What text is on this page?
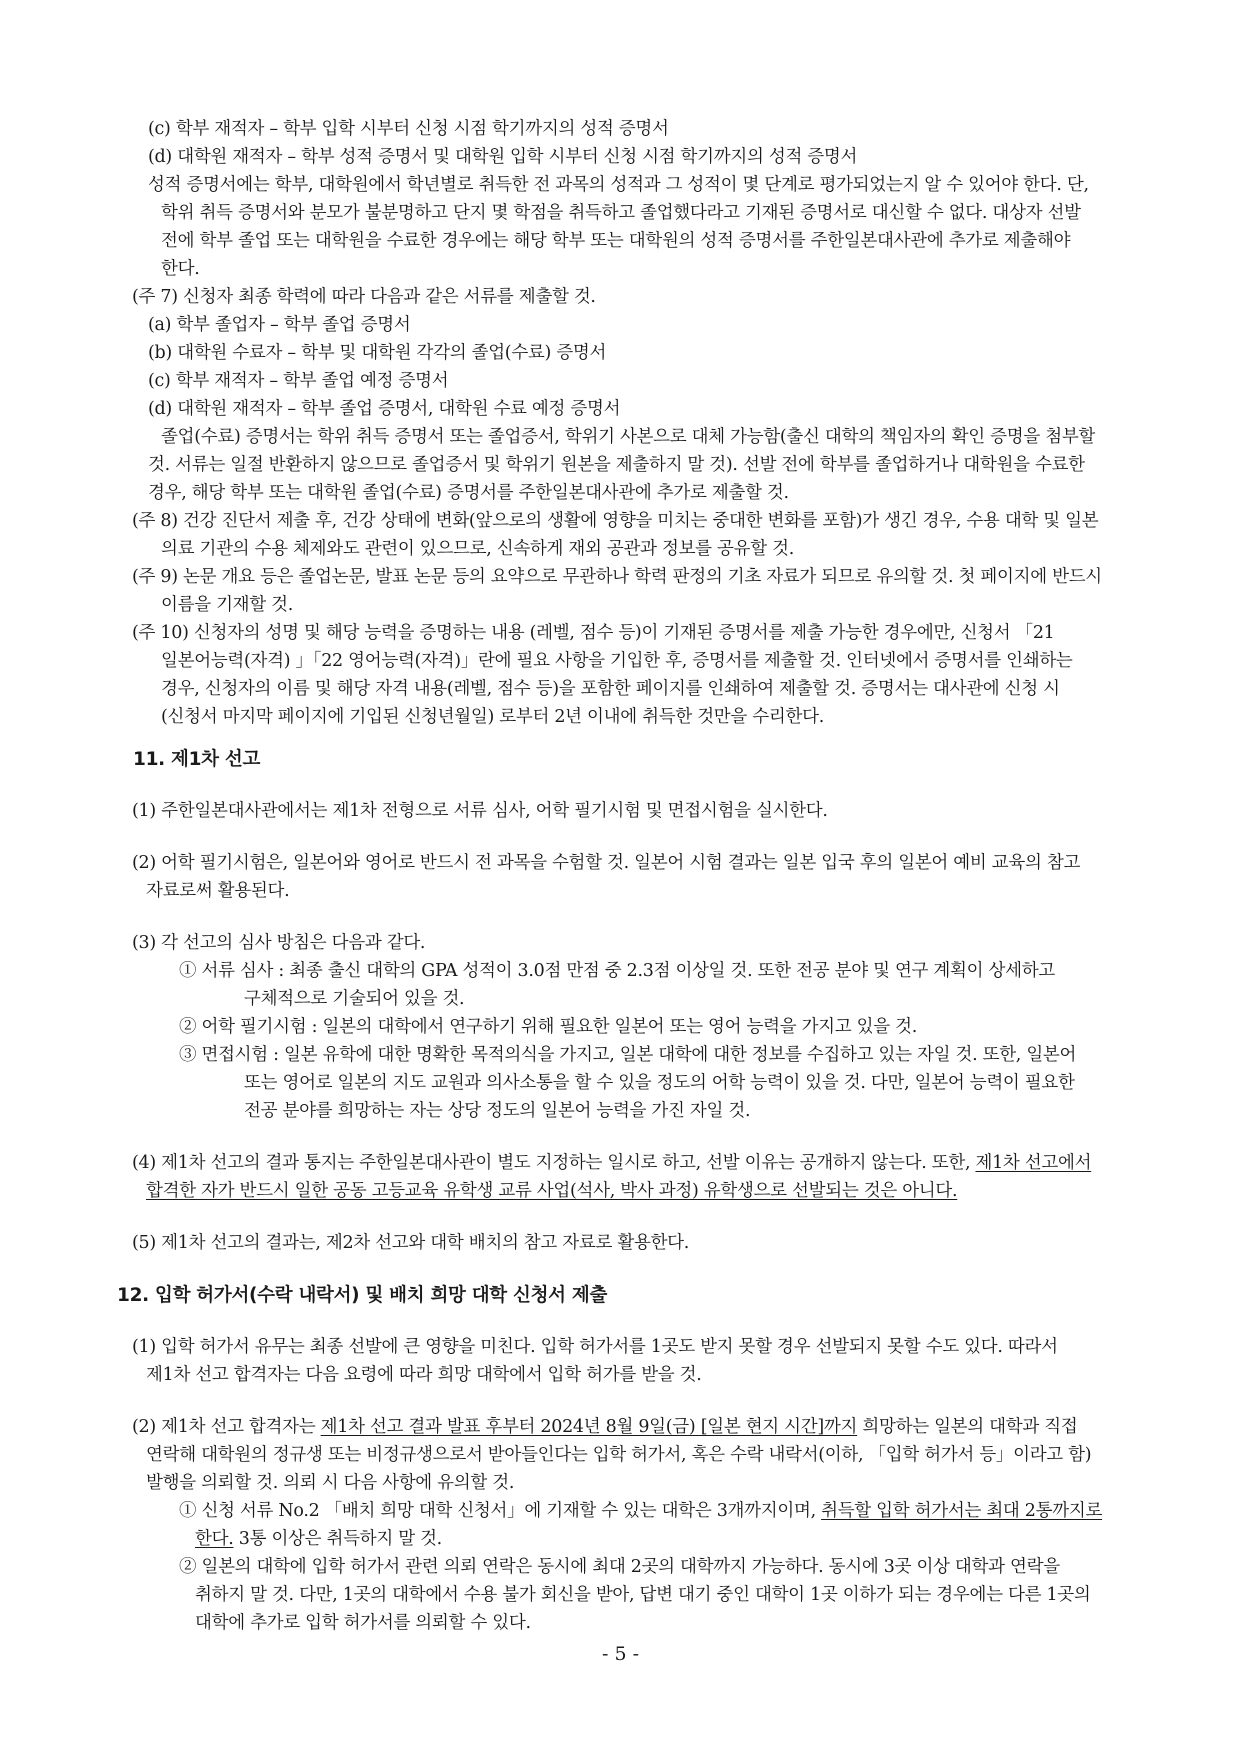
(c) 학부 재적자 – 학부 입학 시부터 신청 시점 학기까지의 성적 증명서
(d) 대학원 재적자 – 학부 성적 증명서 및 대학원 입학 시부터 신청 시점 학기까지의 성적 증명서
성적 증명서에는 학부, 대학원에서 학년별로 취득한 전 과목의 성적과 그 성적이 몇 단계로 평가되었는지 알 수 있어야 한다. 단,
학위 취득 증명서와 분모가 불분명하고 단지 몇 학점을 취득하고 졸업했다라고 기재된 증명서로 대신할 수 없다. 대상자 선발
전에 학부 졸업 또는 대학원을 수료한 경우에는 해당 학부 또는 대학원의 성적 증명서를 주한일본대사관에 추가로 제출해야
한다.
(주 7) 신청자 최종 학력에 따라 다음과 같은 서류를 제출할 것.
(a) 학부 졸업자 – 학부 졸업 증명서
(b) 대학원 수료자 – 학부 및 대학원 각각의 졸업(수료) 증명서
(c) 학부 재적자 – 학부 졸업 예정 증명서
(d) 대학원 재적자 – 학부 졸업 증명서, 대학원 수료 예정 증명서
졸업(수료) 증명서는 학위 취득 증명서 또는 졸업증서, 학위기 사본으로 대체 가능함(출신 대학의 책임자의 확인 증명을 첨부할
것. 서류는 일절 반환하지 않으므로 졸업증서 및 학위기 원본을 제출하지 말 것). 선발 전에 학부를 졸업하거나 대학원을 수료한
경우, 해당 학부 또는 대학원 졸업(수료) 증명서를 주한일본대사관에 추가로 제출할 것.
(주 8) 건강 진단서 제출 후, 건강 상태에 변화(앞으로의 생활에 영향을 미치는 중대한 변화를 포함)가 생긴 경우, 수용 대학 및 일본
의료 기관의 수용 체제와도 관련이 있으므로, 신속하게 재외 공관과 정보를 공유할 것.
(주 9) 논문 개요 등은 졸업논문, 발표 논문 등의 요약으로 무관하나 학력 판정의 기초 자료가 되므로 유의할 것. 첫 페이지에 반드시
이름을 기재할 것.
(주 10) 신청자의 성명 및 해당 능력을 증명하는 내용 (레벨, 점수 등)이 기재된 증명서를 제출 가능한 경우에만, 신청서 「21
일본어능력(자격) 」「22 영어능력(자격)」란에 필요 사항을 기입한 후, 증명서를 제출할 것. 인터넷에서 증명서를 인쇄하는
경우, 신청자의 이름 및 해당 자격 내용(레벨, 점수 등)을 포함한 페이지를 인쇄하여 제출할 것. 증명서는 대사관에 신청 시
(신청서 마지막 페이지에 기입된 신청년월일) 로부터 2년 이내에 취득한 것만을 수리한다.
11. 제1차 선고
(1) 주한일본대사관에서는 제1차 전형으로 서류 심사, 어학 필기시험 및 면접시험을 실시한다.
(2) 어학 필기시험은, 일본어와 영어로 반드시 전 과목을 수험할 것. 일본어 시험 결과는 일본 입국 후의 일본어 예비 교육의 참고
자료로써 활용된다.
(3) 각 선고의 심사 방침은 다음과 같다.
① 서류 심사 : 최종 출신 대학의 GPA 성적이 3.0점 만점 중 2.3점 이상일 것. 또한 전공 분야 및 연구 계획이 상세하고
구체적으로 기술되어 있을 것.
② 어학 필기시험 : 일본의 대학에서 연구하기 위해 필요한 일본어 또는 영어 능력을 가지고 있을 것.
③ 면접시험 : 일본 유학에 대한 명확한 목적의식을 가지고, 일본 대학에 대한 정보를 수집하고 있는 자일 것. 또한, 일본어
또는 영어로 일본의 지도 교원과 의사소통을 할 수 있을 정도의 어학 능력이 있을 것. 다만, 일본어 능력이 필요한
전공 분야를 희망하는 자는 상당 정도의 일본어 능력을 가진 자일 것.
(4) 제1차 선고의 결과 통지는 주한일본대사관이 별도 지정하는 일시로 하고, 선발 이유는 공개하지 않는다. 또한, 제1차 선고에서
합격한 자가 반드시 일한 공동 고등교육 유학생 교류 사업(석사, 박사 과정) 유학생으로 선발되는 것은 아니다.
(5) 제1차 선고의 결과는, 제2차 선고와 대학 배치의 참고 자료로 활용한다.
12. 입학 허가서(수락 내락서) 및 배치 희망 대학 신청서 제출
(1) 입학 허가서 유무는 최종 선발에 큰 영향을 미친다. 입학 허가서를 1곳도 받지 못할 경우 선발되지 못할 수도 있다. 따라서
제1차 선고 합격자는 다음 요령에 따라 희망 대학에서 입학 허가를 받을 것.
(2) 제1차 선고 합격자는 제1차 선고 결과 발표 후부터 2024년 8월 9일(금) [일본 현지 시간]까지 희망하는 일본의 대학과 직접
연락해 대학원의 정규생 또는 비정규생으로서 받아들인다는 입학 허가서, 혹은 수락 내락서(이하, 「입학 허가서 등」이라고 함)
발행을 의뢰할 것. 의뢰 시 다음 사항에 유의할 것.
① 신청 서류 No.2 「배치 희망 대학 신청서」에 기재할 수 있는 대학은 3개까지이며, 취득할 입학 허가서는 최대 2통까지로
한다. 3통 이상은 취득하지 말 것.
② 일본의 대학에 입학 허가서 관련 의뢰 연락은 동시에 최대 2곳의 대학까지 가능하다. 동시에 3곳 이상 대학과 연락을
취하지 말 것. 다만, 1곳의 대학에서 수용 불가 회신을 받아, 답변 대기 중인 대학이 1곳 이하가 되는 경우에는 다른 1곳의
대학에 추가로 입학 허가서를 의뢰할 수 있다.
- 5 -
